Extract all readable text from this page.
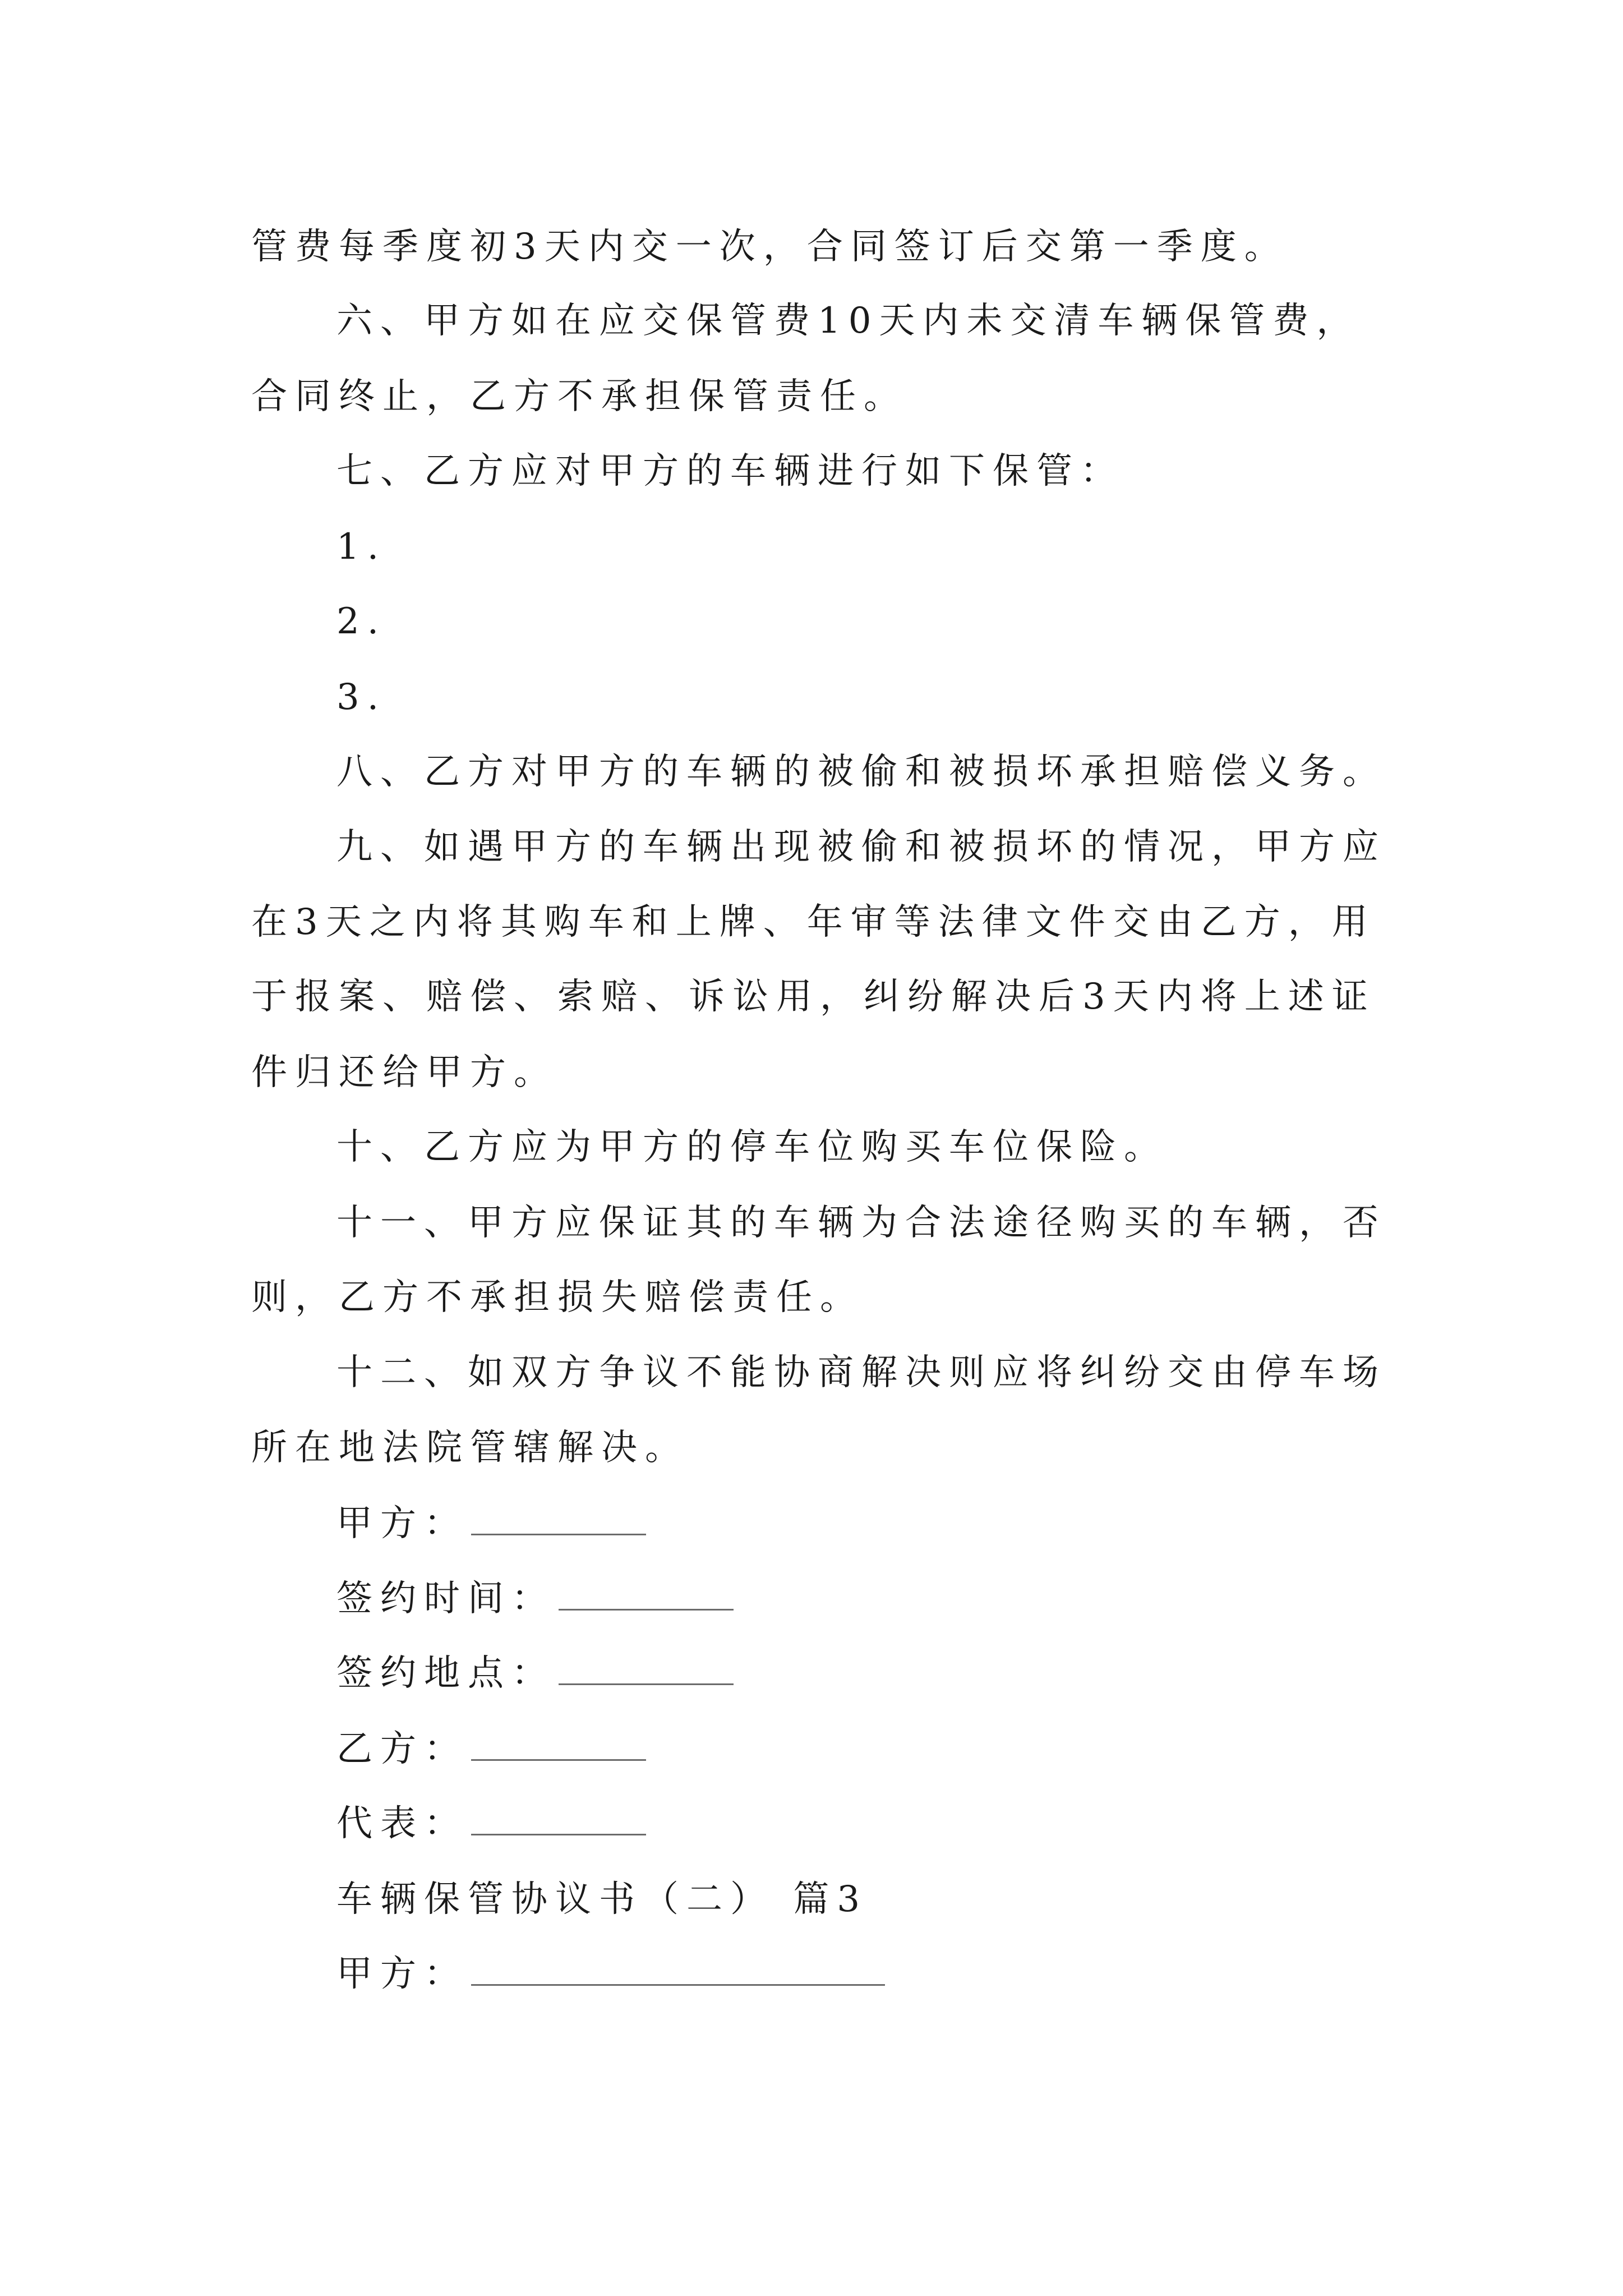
管费每季度初3天内交一次，合同签订后交第一季度。
六、甲方如在应交保管费10天内未交清车辆保管费，
合同终止，乙方不承担保管责任。
七、乙方应对甲方的车辆进行如下保管：
1.
2.
3.
八、乙方对甲方的车辆的被偷和被损坏承担赔偿义务。
九、如遇甲方的车辆出现被偷和被损坏的情况，甲方应
在3天之内将其购车和上牌、年审等法律文件交由乙方，用
于报案、赔偿、索赔、诉讼用，纠纷解决后3天内将上述证
件归还给甲方。
十、乙方应为甲方的停车位购买车位保险。
十一、甲方应保证其的车辆为合法途径购买的车辆，否
则，乙方不承担损失赔偿责任。
十二、如双方争议不能协商解决则应将纠纷交由停车场
所在地法院管辖解决。
甲方：
签约时间：
签约地点：
乙方：
代表：
车辆保管协议书（二） 篇3
甲方：
